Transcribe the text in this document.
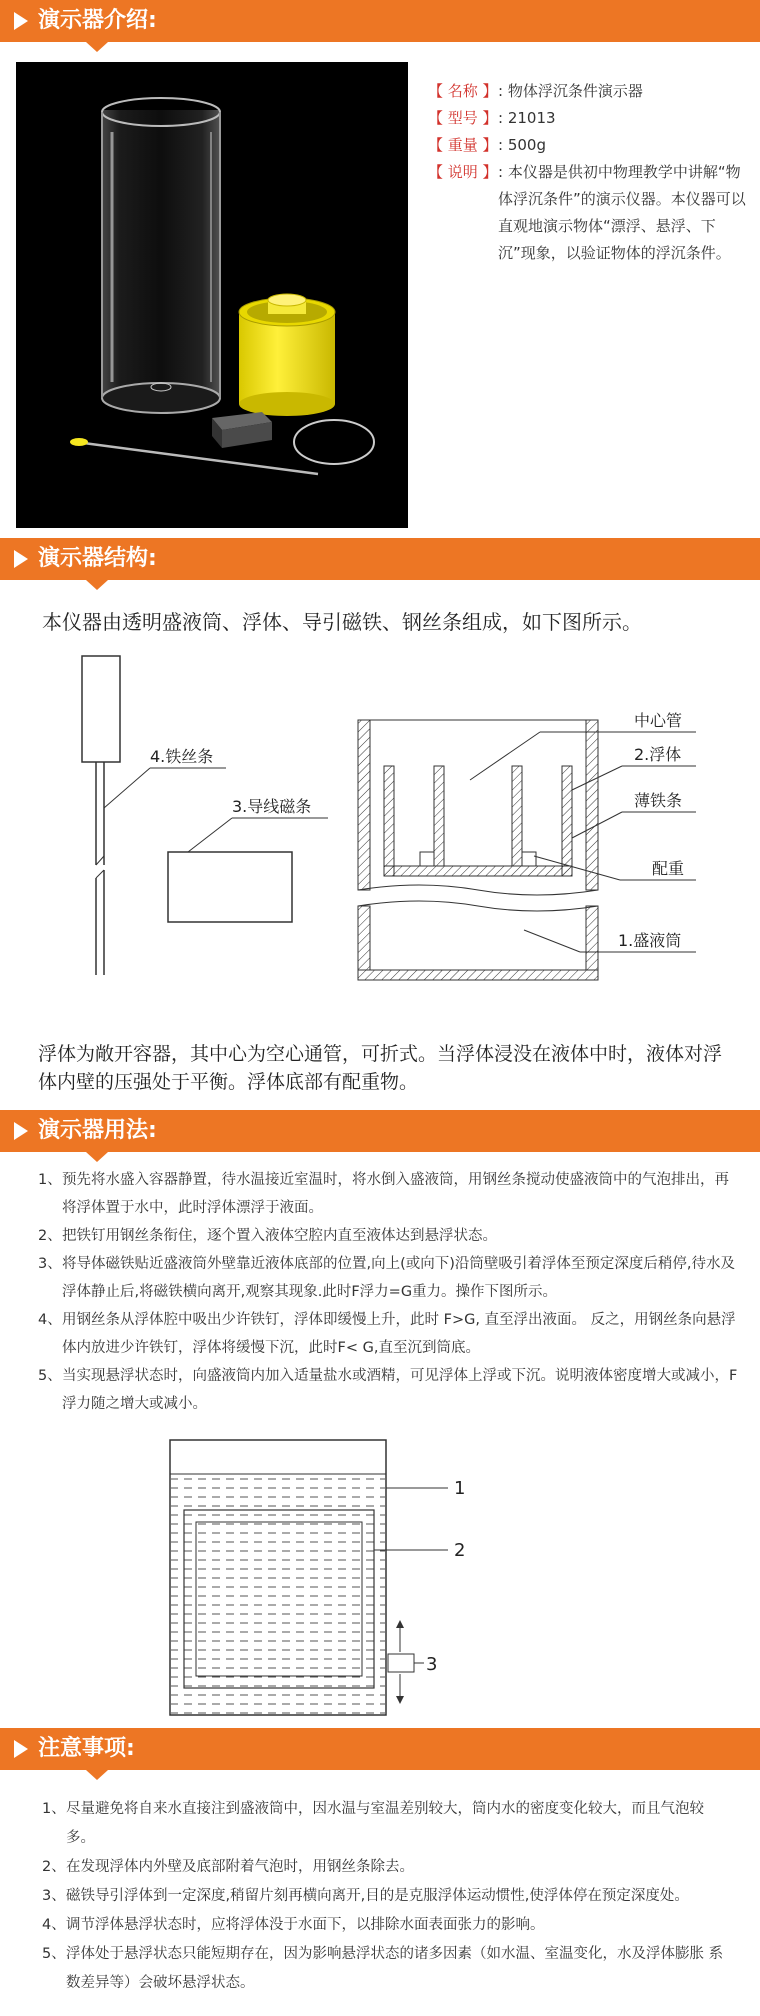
演示器介绍:
【 名称 】 : 物体浮沉条件演示器
【 型号 】 : 21013
【 重量 】 : 500g
【 说明 】 : 本仪器是供初中物理教学中讲解“物体浮沉条件”的演示仪器。本仪器可以直观地演示物体“漂浮、悬浮、下沉”现象，以验证物体的浮沉条件。
演示器结构:
本仪器由透明盛液筒、浮体、导引磁铁、钢丝条组成，如下图所示。
4.铁丝条
3.导线磁条
中心管
2.浮体
薄铁条
配重
1.盛液筒
浮体为敞开容器，其中心为空心通管，可折式。当浮体浸没在液体中时，液体对浮体内壁的压强处于平衡。浮体底部有配重物。
演示器用法:
1、预先将水盛入容器静置，待水温接近室温时，将水倒入盛液筒，用钢丝条搅动使盛液筒中的气泡排出，再将浮体置于水中，此时浮体漂浮于液面。
2、把铁钉用钢丝条衔住，逐个置入液体空腔内直至液体达到悬浮状态。
3、将导体磁铁贴近盛液筒外壁靠近液体底部的位置,向上(或向下)沿筒壁吸引着浮体至预定深度后稍停,待水及浮体静止后,将磁铁横向离开,观察其现象.此时F浮力=G重力。操作下图所示。
4、用钢丝条从浮体腔中吸出少许铁钉，浮体即缓慢上升，此时 F>G, 直至浮出液面。 反之，用钢丝条向悬浮体内放进少许铁钉，浮体将缓慢下沉，此时F< G,直至沉到筒底。
5、当实现悬浮状态时，向盛液筒内加入适量盐水或酒精，可见浮体上浮或下沉。说明液体密度增大或减小，F浮力随之增大或减小。
1
2
3
注意事项:
1、尽量避免将自来水直接注到盛液筒中，因水温与室温差别较大，筒内水的密度变化较大，而且气泡较多。
2、在发现浮体内外壁及底部附着气泡时，用钢丝条除去。
3、磁铁导引浮体到一定深度,稍留片刻再横向离开,目的是克服浮体运动惯性,使浮体停在预定深度处。
4、调节浮体悬浮状态时，应将浮体没于水面下，以排除水面表面张力的影响。
5、浮体处于悬浮状态只能短期存在，因为影响悬浮状态的诸多因素（如水温、室温变化，水及浮体膨胀 系数差异等）会破坏悬浮状态。
